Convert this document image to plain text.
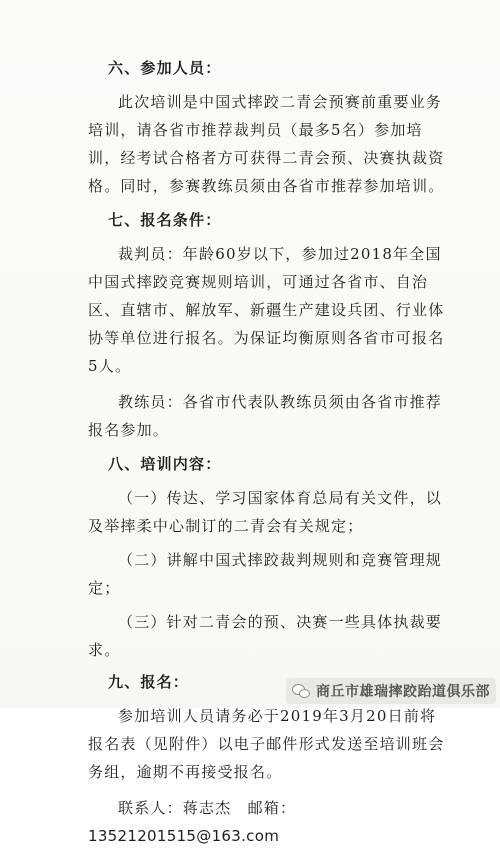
六、参加人员：

此次培训是中国式摔跤二青会预赛前重要业务培训，请各省市推荐裁判员（最多5名）参加培训，经考试合格者方可获得二青会预、决赛执裁资格。同时，参赛教练员须由各省市推荐参加培训。

七、报名条件：

裁判员：年龄60岁以下，参加过2018年全国中国式摔跤竞赛规则培训，可通过各省市、自治区、直辖市、解放军、新疆生产建设兵团、行业体协等单位进行报名。为保证均衡原则各省市可报名5人。

教练员：各省市代表队教练员须由各省市推荐报名参加。

八、培训内容：

（一）传达、学习国家体育总局有关文件，以及举摔柔中心制订的二青会有关规定；

（二）讲解中国式摔跤裁判规则和竞赛管理规定；

（三）针对二青会的预、决赛一些具体执裁要求。

九、报名：

参加培训人员请务必于2019年3月20日前将报名表（见附件）以电子邮件形式发送至培训班会务组，逾期不再接受报名。

联系人：蒋志杰　邮箱：13521201515@163.com

商丘市雄瑞摔跤跆道俱乐部
